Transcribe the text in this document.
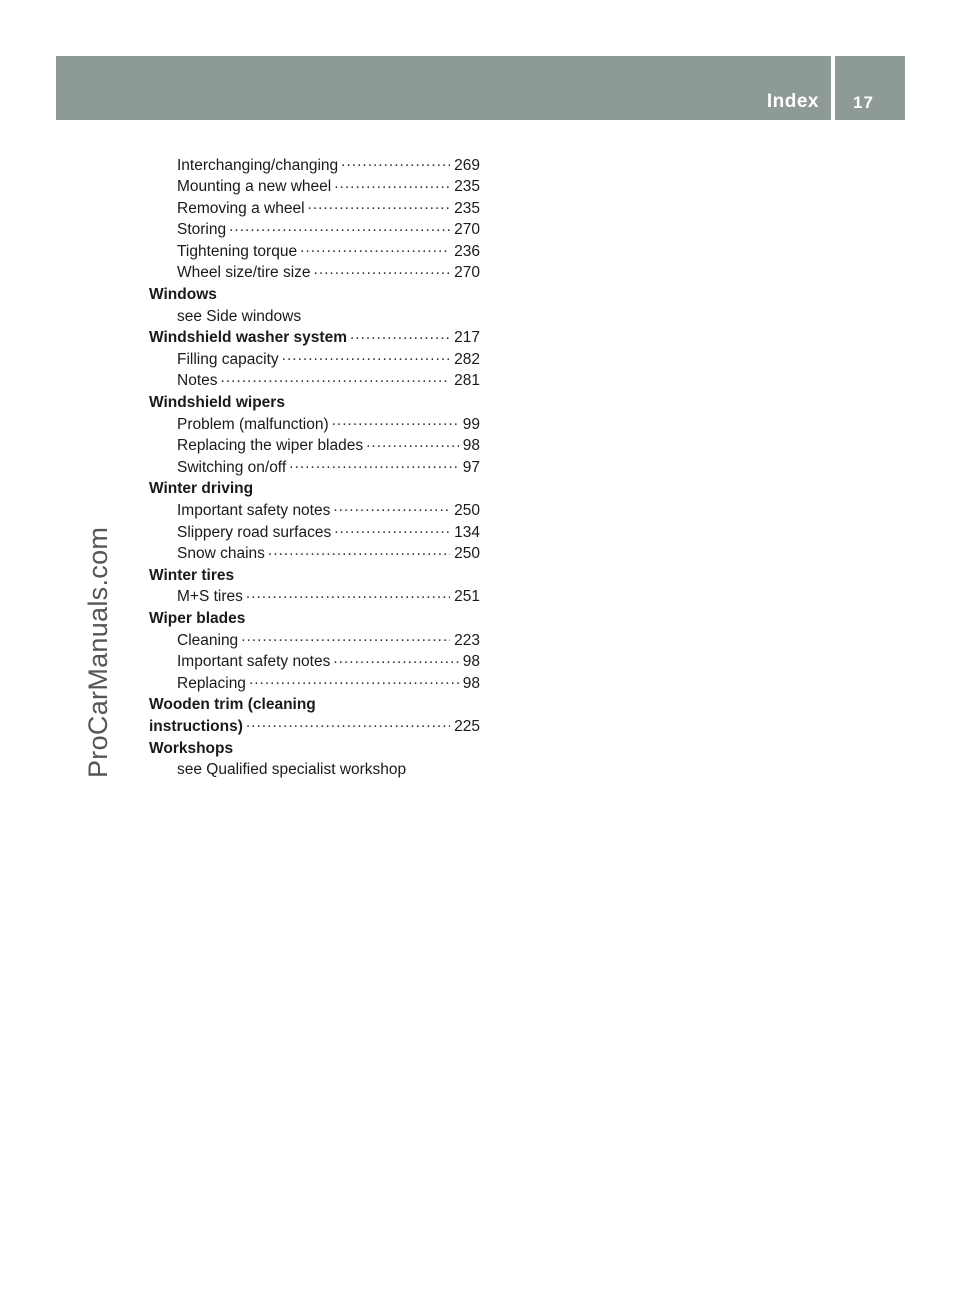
Index 17
ProCarManuals.com
Interchanging/changing .....	269
Mounting a new wheel .....	235
Removing a wheel .....	235
Storing .....	270
Tightening torque .....	236
Wheel size/tire size .....	270
Windows
see Side windows
Windshield washer system .....	217
Filling capacity .....	282
Notes .....	281
Windshield wipers
Problem (malfunction) .....	99
Replacing the wiper blades .....	98
Switching on/off .....	97
Winter driving
Important safety notes .....	250
Slippery road surfaces .....	134
Snow chains .....	250
Winter tires
M+S tires .....	251
Wiper blades
Cleaning .....	223
Important safety notes .....	98
Replacing .....	98
Wooden trim (cleaning
instructions) .....	225
Workshops
see Qualified specialist workshop
